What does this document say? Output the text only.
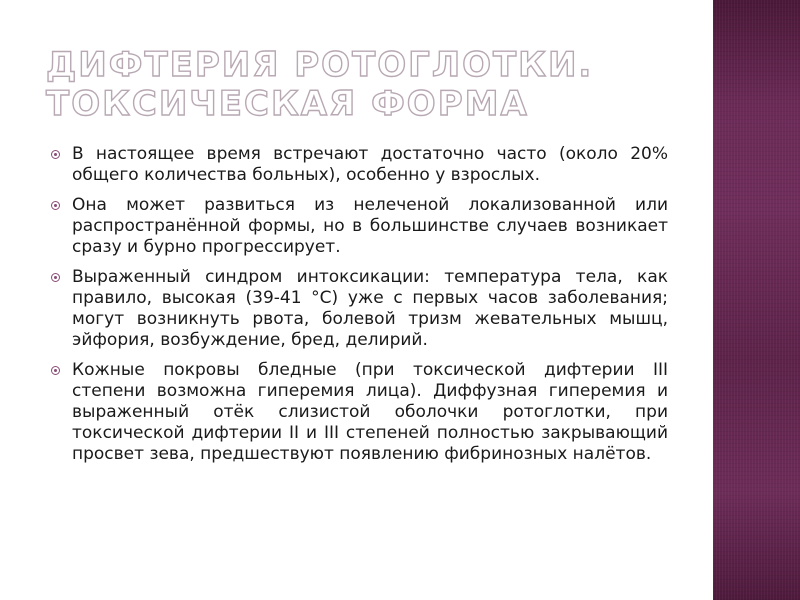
ДИФТЕРИЯ РОТОГЛОТКИ.
ТОКСИЧЕСКАЯ ФОРМА
В настоящее время встречают достаточно часто (около 20% общего количества больных), особенно у взрослых.
Она может развиться из нелеченой локализованной или распространённой формы, но в большинстве случаев возникает сразу и бурно прогрессирует.
Выраженный синдром интоксикации: температура тела, как правило, высокая (39-41 °С) уже с первых часов заболевания; могут возникнуть рвота, болевой тризм жевательных мышц, эйфория, возбуждение, бред, делирий.
Кожные покровы бледные (при токсической дифтерии III степени возможна гиперемия лица). Диффузная гиперемия и выраженный отёк слизистой оболочки ротоглотки, при токсической дифтерии II и III степеней полностью закрывающий просвет зева, предшествуют появлению фибринозных налётов.
